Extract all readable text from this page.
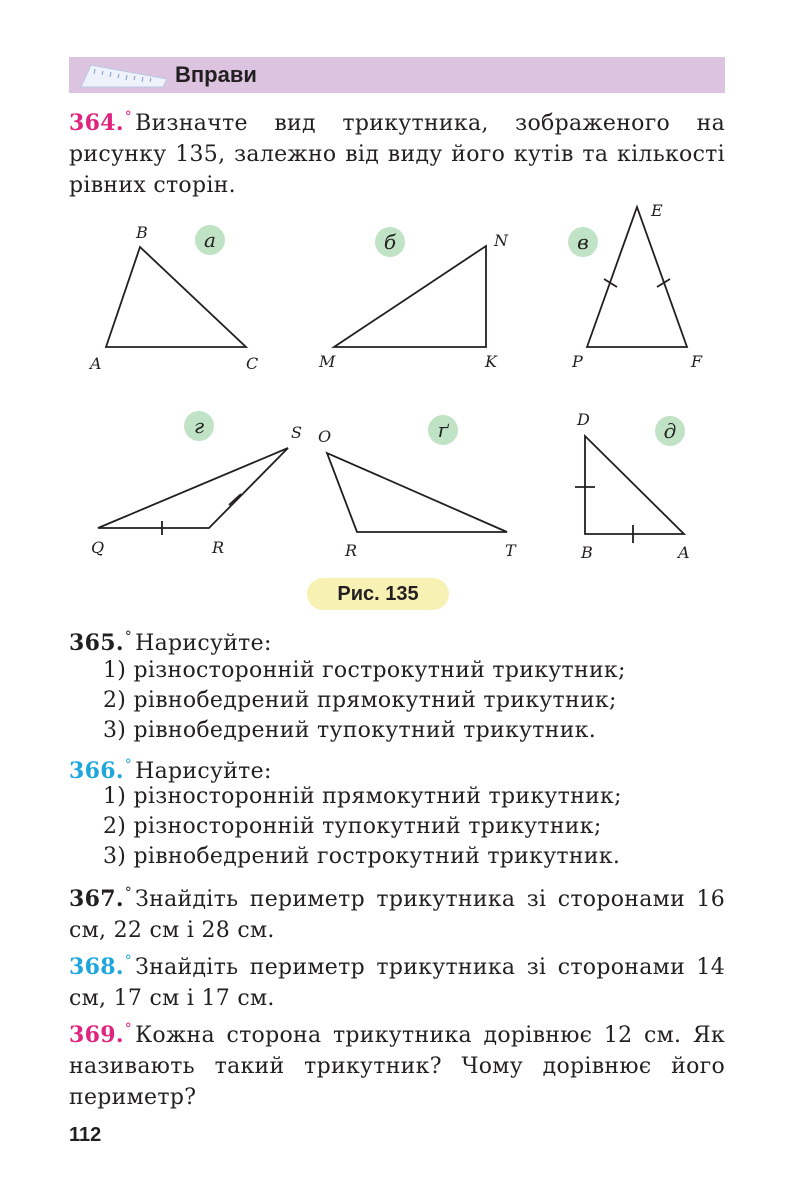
Вправи
364.° Визначте вид трикутника, зображеного на рисунку 135, залежно від виду його кутів та кількості рівних сторін.
а	б	в
г	ґ	д
A
B
C	M
N
K
E
P	F
S
Q	R
O
R	T
D
B	A
Рис. 135
365.° Нарисуйте:
1) різносторонній гострокутний трикутник;
2) рівнобедрений прямокутний трикутник;
3) рівнобедрений тупокутний трикутник.
366.° Нарисуйте:
1) різносторонній прямокутний трикутник;
2) різносторонній тупокутний трикутник;
3) рівнобедрений гострокутний трикутник.
367.° Знайдіть периметр трикутника зі сторонами 16 см, 22 см і 28 см.
368.° Знайдіть периметр трикутника зі сторонами 14 см, 17 см і 17 см.
369.° Кожна сторона трикутника дорівнює 12 см. Як називають такий трикутник? Чому дорівнює його периметр?
112
